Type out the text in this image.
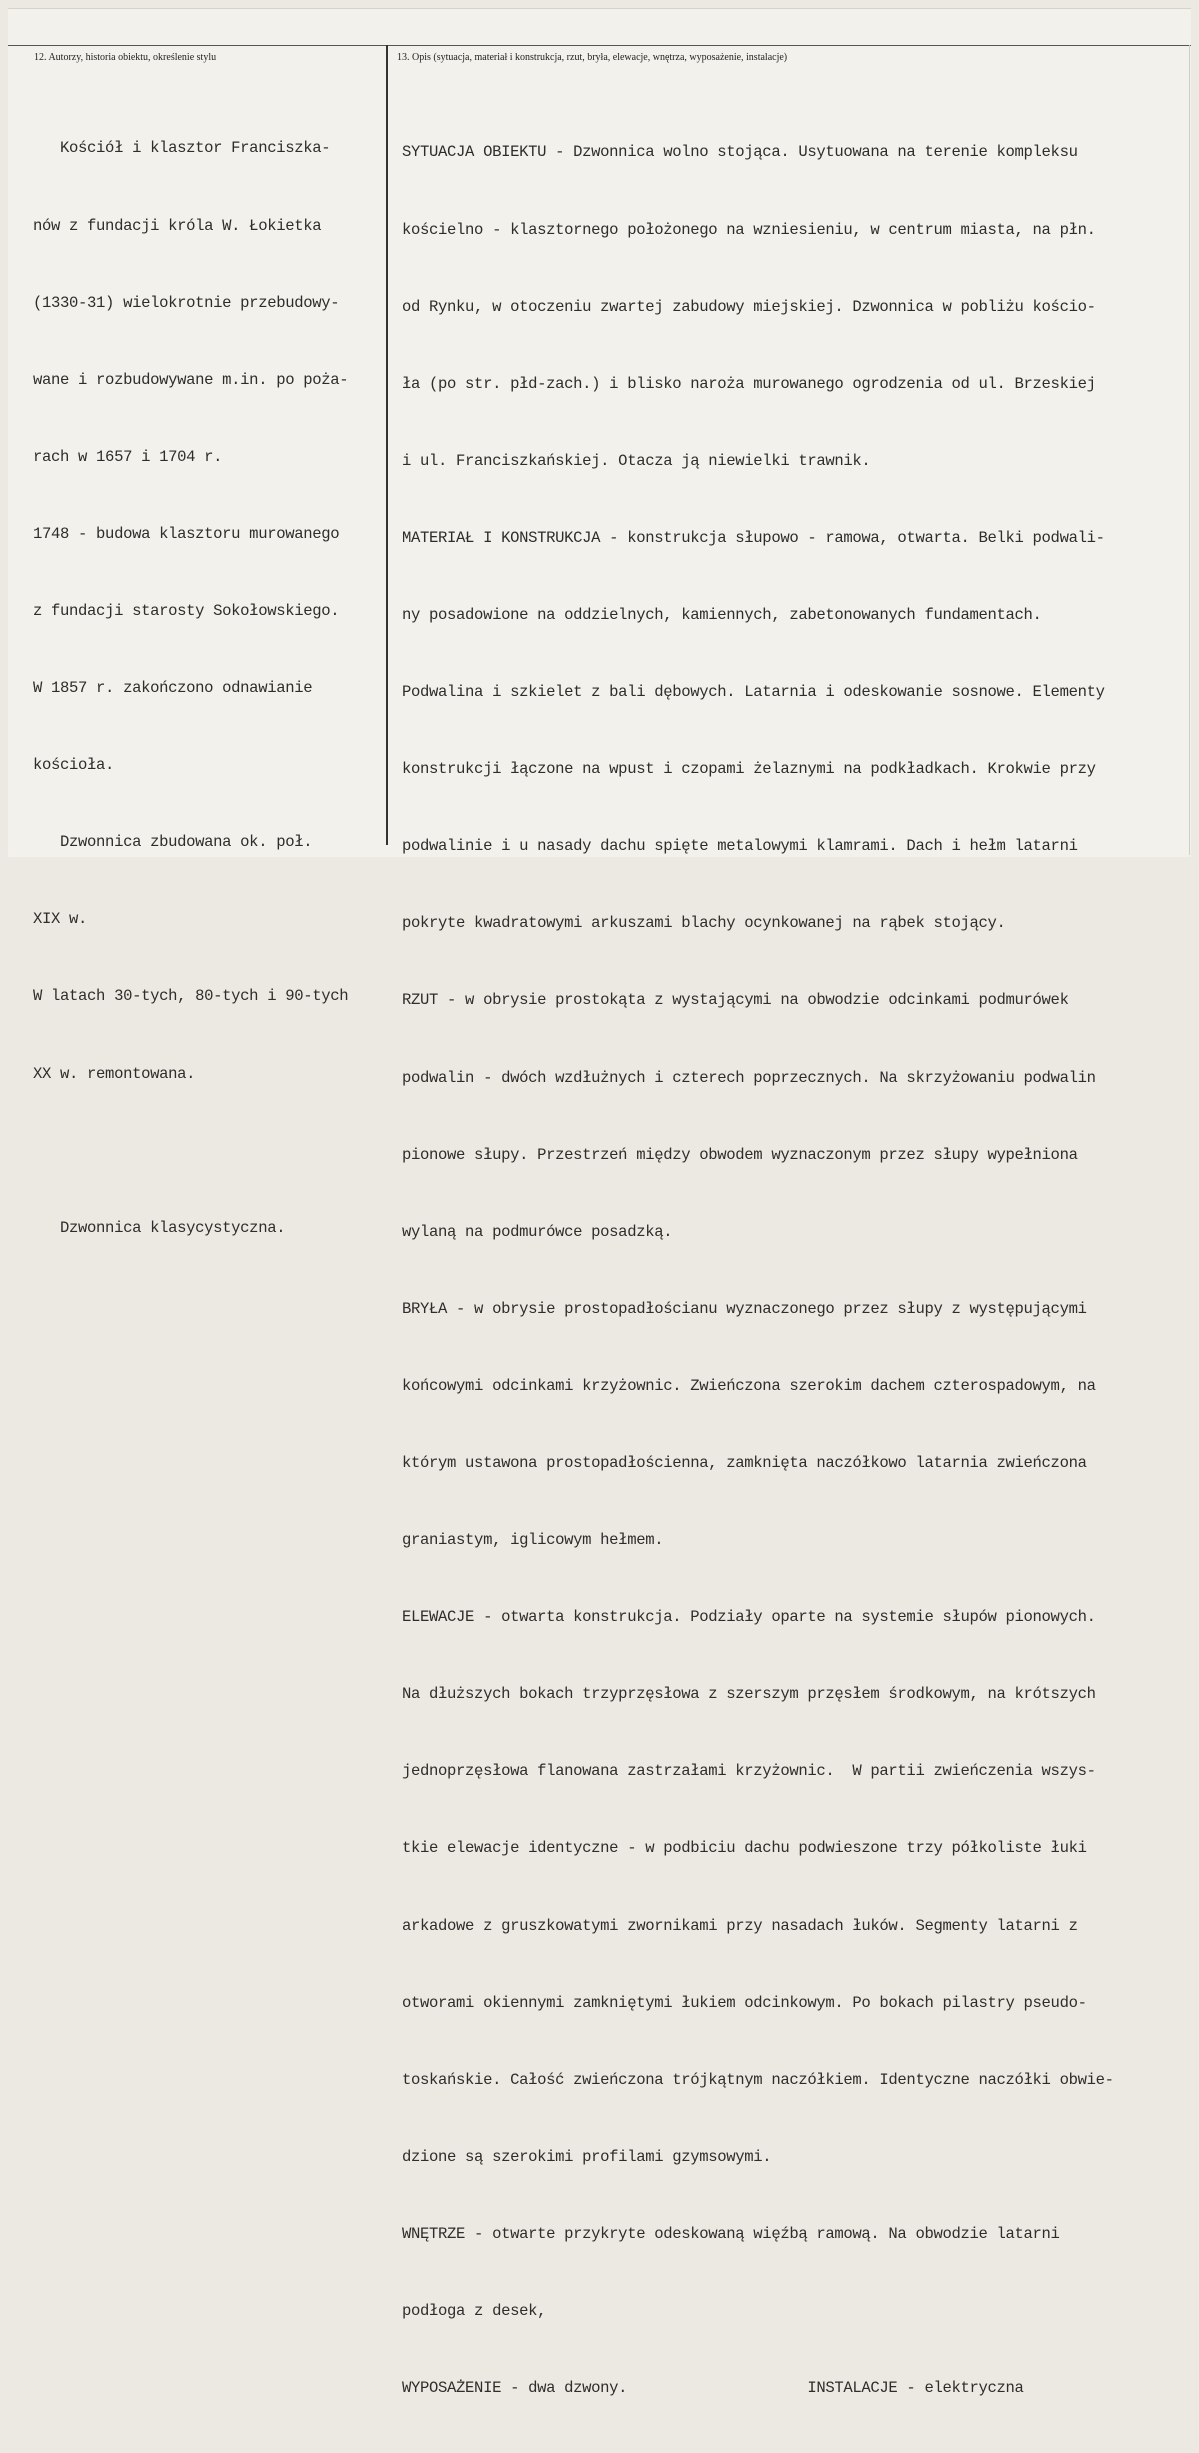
12. Autorzy, historia obiektu, określenie stylu	13. Opis (sytuacja, materiał i konstrukcja, rzut, bryła, elewacje, wnętrza, wyposażenie, instalacje)

Kościół i klasztor Franciszka-

nów z fundacji króla W. Łokietka

(1330-31) wielokrotnie przebudowy-

wane i rozbudowywane m.in. po poża-

rach w 1657 i 1704 r.

1748 - budowa klasztoru murowanego

z fundacji starosty Sokołowskiego.

W 1857 r. zakończono odnawianie

kościoła.

Dzwonnica zbudowana ok. poł.

XIX w.

W latach 30-tych, 80-tych i 90-tych

XX w. remontowana.

Dzwonnica klasycystyczna.

SYTUACJA OBIEKTU - Dzwonnica wolno stojąca. Usytuowana na terenie kompleksu

kościelno - klasztornego położonego na wzniesieniu, w centrum miasta, na płn.

od Rynku, w otoczeniu zwartej zabudowy miejskiej. Dzwonnica w pobliżu kościo-

ła (po str. płd-zach.) i blisko naroża murowanego ogrodzenia od ul. Brzeskiej

i ul. Franciszkańskiej. Otacza ją niewielki trawnik.

MATERIAŁ I KONSTRUKCJA - konstrukcja słupowo - ramowa, otwarta. Belki podwali-

ny posadowione na oddzielnych, kamiennych, zabetonowanych fundamentach.

Podwalina i szkielet z bali dębowych. Latarnia i odeskowanie sosnowe. Elementy

konstrukcji łączone na wpust i czopami żelaznymi na podkładkach. Krokwie przy

podwalinie i u nasady dachu spięte metalowymi klamrami. Dach i hełm latarni

pokryte kwadratowymi arkuszami blachy ocynkowanej na rąbek stojący.

RZUT - w obrysie prostokąta z wystającymi na obwodzie odcinkami podmurówek

podwalin - dwóch wzdłużnych i czterech poprzecznych. Na skrzyżowaniu podwalin

pionowe słupy. Przestrzeń między obwodem wyznaczonym przez słupy wypełniona

wylaną na podmurówce posadzką.

BRYŁA - w obrysie prostopadłościanu wyznaczonego przez słupy z występującymi

końcowymi odcinkami krzyżownic. Zwieńczona szerokim dachem czterospadowym, na

którym ustawona prostopadłościenna, zamknięta naczółkowo latarnia zwieńczona

graniastym, iglicowym hełmem.

ELEWACJE - otwarta konstrukcja. Podziały oparte na systemie słupów pionowych.

Na dłuższych bokach trzyprzęsłowa z szerszym przęsłem środkowym, na krótszych

jednoprzęsłowa flanowana zastrzałami krzyżownic.  W partii zwieńczenia wszys-

tkie elewacje identyczne - w podbiciu dachu podwieszone trzy półkoliste łuki

arkadowe z gruszkowatymi zwornikami przy nasadach łuków. Segmenty latarni z

otworami okiennymi zamkniętymi łukiem odcinkowym. Po bokach pilastry pseudo-

toskańskie. Całość zwieńczona trójkątnym naczółkiem. Identyczne naczółki obwie-

dzione są szerokimi profilami gzymsowymi.

WNĘTRZE - otwarte przykryte odeskowaną więźbą ramową. Na obwodzie latarni

podłoga z desek,

WYPOSAŻENIE - dwa dzwony.                    INSTALACJE - elektryczna
